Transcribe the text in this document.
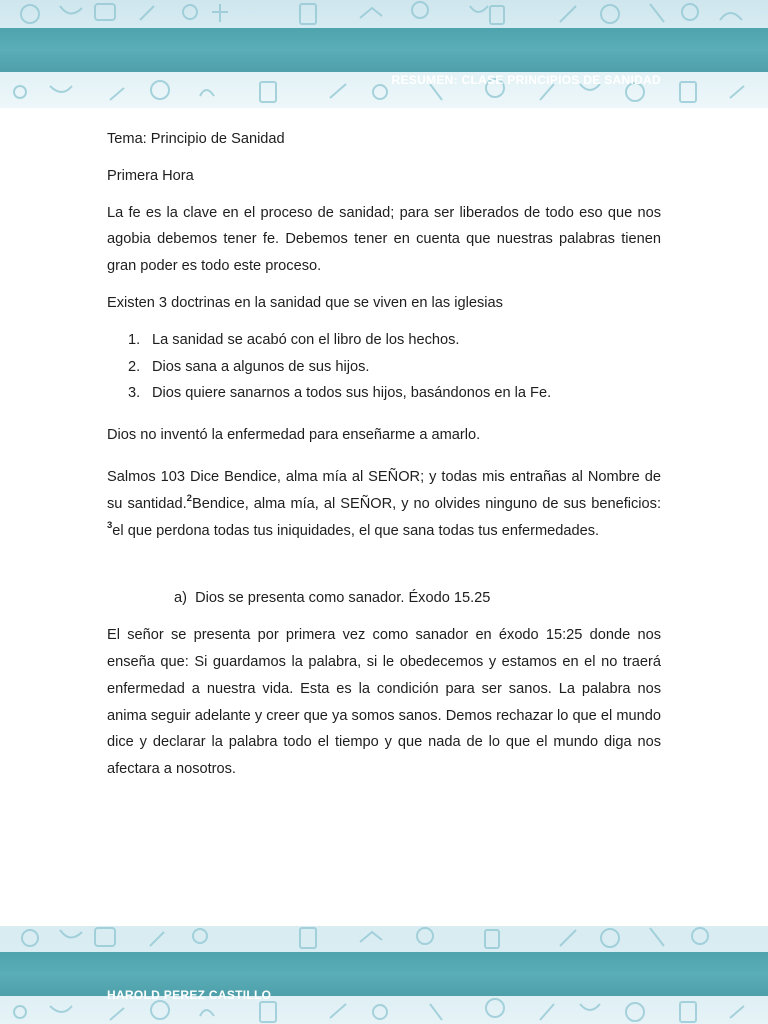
RESUMEN: CLASE PRINCIPIOS DE SANIDAD

Tema: Principio de Sanidad

Primera Hora

La fe es la clave en el proceso de sanidad; para ser liberados de todo eso que nos agobia debemos tener fe. Debemos tener en cuenta que nuestras palabras tienen gran poder es todo este proceso.

Existen 3 doctrinas en la sanidad que se viven en las iglesias

1. La sanidad se acabó con el libro de los hechos.
2. Dios sana a algunos de sus hijos.
3. Dios quiere sanarnos a todos sus hijos, basándonos en la Fe.

Dios no inventó la enfermedad para enseñarme a amarlo.

Salmos 103 Dice Bendice, alma mía al SEÑOR; y todas mis entrañas al Nombre de su santidad.$^2$Bendice, alma mía, al SEÑOR, y no olvides ninguno de sus beneficios: $^3$el que perdona todas tus iniquidades, el que sana todas tus enfermedades.

a) Dios se presenta como sanador. Éxodo 15.25

El señor se presenta por primera vez como sanador en éxodo 15:25 donde nos enseña que: Si guardamos la palabra, si le obedecemos y estamos en el no traerá enfermedad a nuestra vida. Esta es la condición para ser sanos. La palabra nos anima seguir adelante y creer que ya somos sanos. Demos rechazar lo que el mundo dice y declarar la palabra todo el tiempo y que nada de lo que el mundo diga nos afectara a nosotros.

HAROLD PEREZ CASTILLO
